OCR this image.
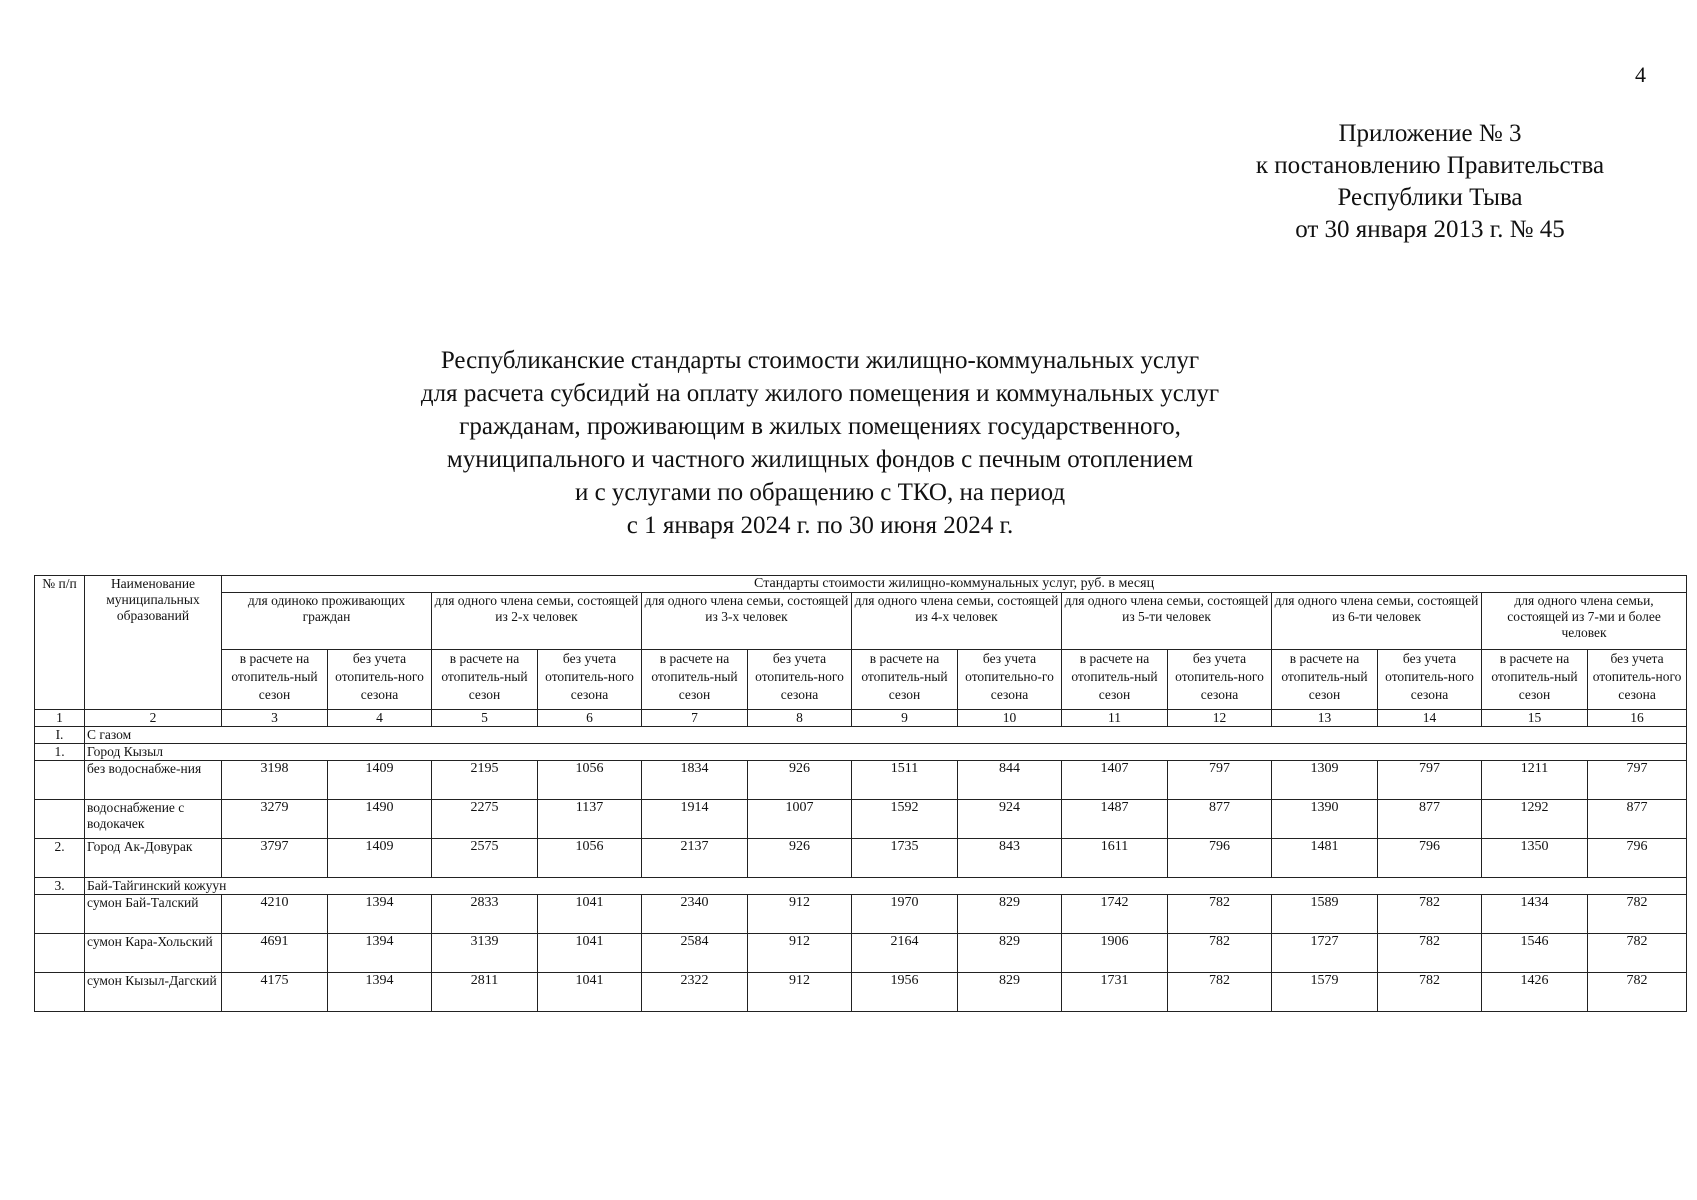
4
Приложение № 3
к постановлению Правительства
Республики Тыва
от 30 января 2013 г. № 45
Республиканские стандарты стоимости жилищно-коммунальных услуг
для расчета субсидий на оплату жилого помещения и коммунальных услуг
гражданам, проживающим в жилых помещениях государственного,
муниципального и частного жилищных фондов с печным отоплением
и с услугами по обращению с ТКО, на период
с 1 января 2024 г. по 30 июня 2024 г.
№ п/п	Наименование муниципальных образований	Стандарты стоимости жилищно-коммунальных услуг, руб. в месяц													
		для одиноко проживающих граждан		для одного члена семьи, состоящей из 2-х человек		для одного члена семьи, состоящей из 3-х человек		для одного члена семьи, состоящей из 4-х человек		для одного члена семьи, состоящей из 5-ти человек		для одного члена семьи, состоящей из 6-ти человек		для одного члена семьи, состоящей из 7-ми и более человек	
		в расчете на отопитель-ный сезон	без учета отопитель-ного сезона	в расчете на отопитель-ный сезон	без учета отопитель-ного сезона	в расчете на отопитель-ный сезон	без учета отопитель-ного сезона	в расчете на отопитель-ный сезон	без учета отопительно-го сезона	в расчете на отопитель-ный сезон	без учета отопитель-ного сезона	в расчете на отопитель-ный сезон	без учета отопитель-ного сезона	в расчете на отопитель-ный сезон	без учета отопитель-ного сезона
1	2	3	4	5	6	7	8	9	10	11	12	13	14	15	16
I.	С газом														
1.	Город Кызыл														
	без водоснабже-ния	3198	1409	2195	1056	1834	926	1511	844	1407	797	1309	797	1211	797
	водоснабжение с водокачек	3279	1490	2275	1137	1914	1007	1592	924	1487	877	1390	877	1292	877
2.	Город Ак-Довурак	3797	1409	2575	1056	2137	926	1735	843	1611	796	1481	796	1350	796
3.	Бай-Тайгинский кожуун														
	сумон Бай-Талский	4210	1394	2833	1041	2340	912	1970	829	1742	782	1589	782	1434	782
	сумон Кара-Хольский	4691	1394	3139	1041	2584	912	2164	829	1906	782	1727	782	1546	782
	сумон Кызыл-Дагский	4175	1394	2811	1041	2322	912	1956	829	1731	782	1579	782	1426	782
